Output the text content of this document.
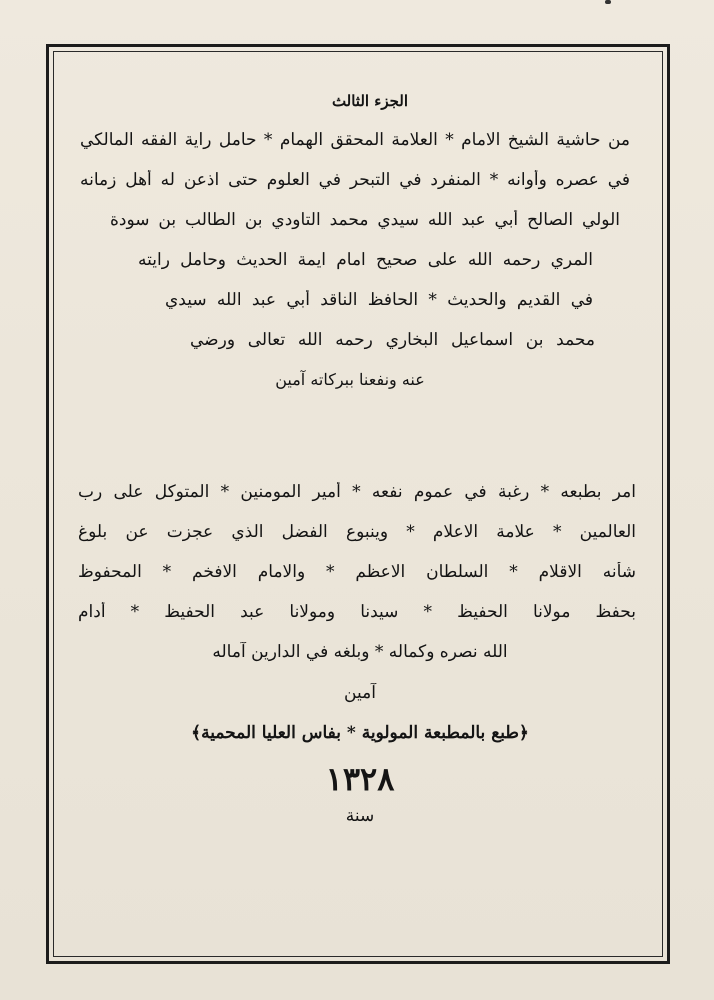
الجزء الثالث
من حاشية الشيخ الامام * العلامة المحقق الهمام * حامل راية الفقه المالكي
في عصره وأوانه * المنفرد في التبحر في العلوم حتى اذعن له أهل زمانه
الولي الصالح أبي عبد الله سيدي محمد التاودي بن الطالب بن سودة
المري رحمه الله على صحيح امام ايمة الحديث وحامل رايته
في القديم والحديث * الحافظ الناقد أبي عبد الله سيدي
محمد بن اسماعيل البخاري رحمه الله تعالى ورضي
عنه ونفعنا ببركاته آمين
امر بطبعه * رغبة في عموم نفعه * أمير المومنين * المتوكل على رب
العالمين * علامة الاعلام * وينبوع الفضل الذي عجزت عن بلوغ
شأنه الاقلام * السلطان الاعظم * والامام الافخم * المحفوظ
بحفظ مولانا الحفيظ * سيدنا ومولانا عبد الحفيظ * أدام
الله نصره وكماله * وبلغه في الدارين آماله
آمين
﴿طبع بالمطبعة المولوية * بفاس العليا المحمية﴾
١٣٢٨
سنة
